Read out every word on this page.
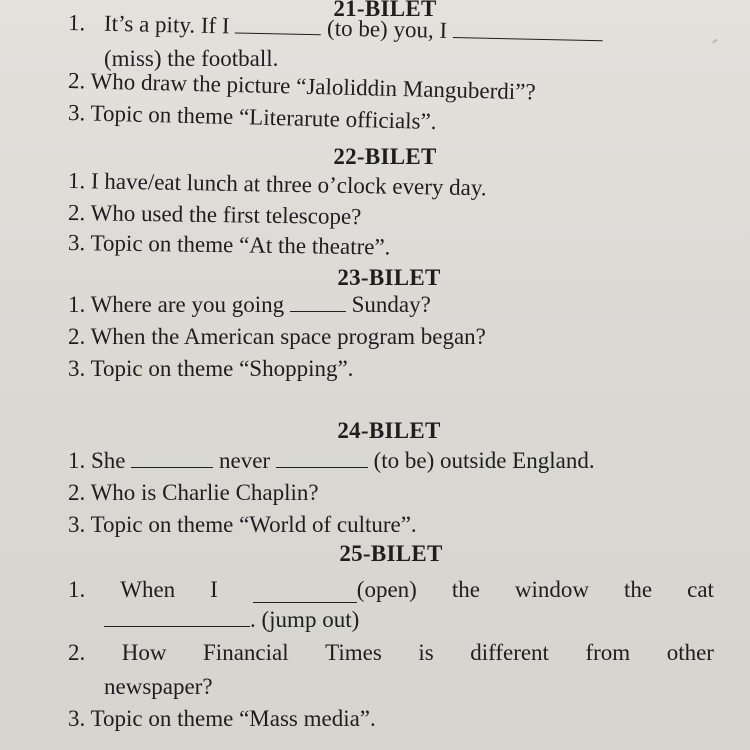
21-BILET
1. It’s a pity. If I	(to be) you, I
(miss) the football.
2. Who draw the picture “Jaloliddin Manguberdi”?
3. Topic on theme “Literarute officials”.
22-BILET
1. I have/eat lunch at three o’clock every day.
2. Who used the first telescope?
3. Topic on theme “At the theatre”.
23-BILET
1. Where are you going	Sunday?
2. When the American space program began?
3. Topic on theme “Shopping”.
24-BILET
1. She	never	(to be) outside England.
2. Who is Charlie Chaplin?
3. Topic on theme “World of culture”.
25-BILET
1. When I	(open) the window the cat
. (jump out)
2. How Financial Times is different from other
newspaper?
3. Topic on theme “Mass media”.
